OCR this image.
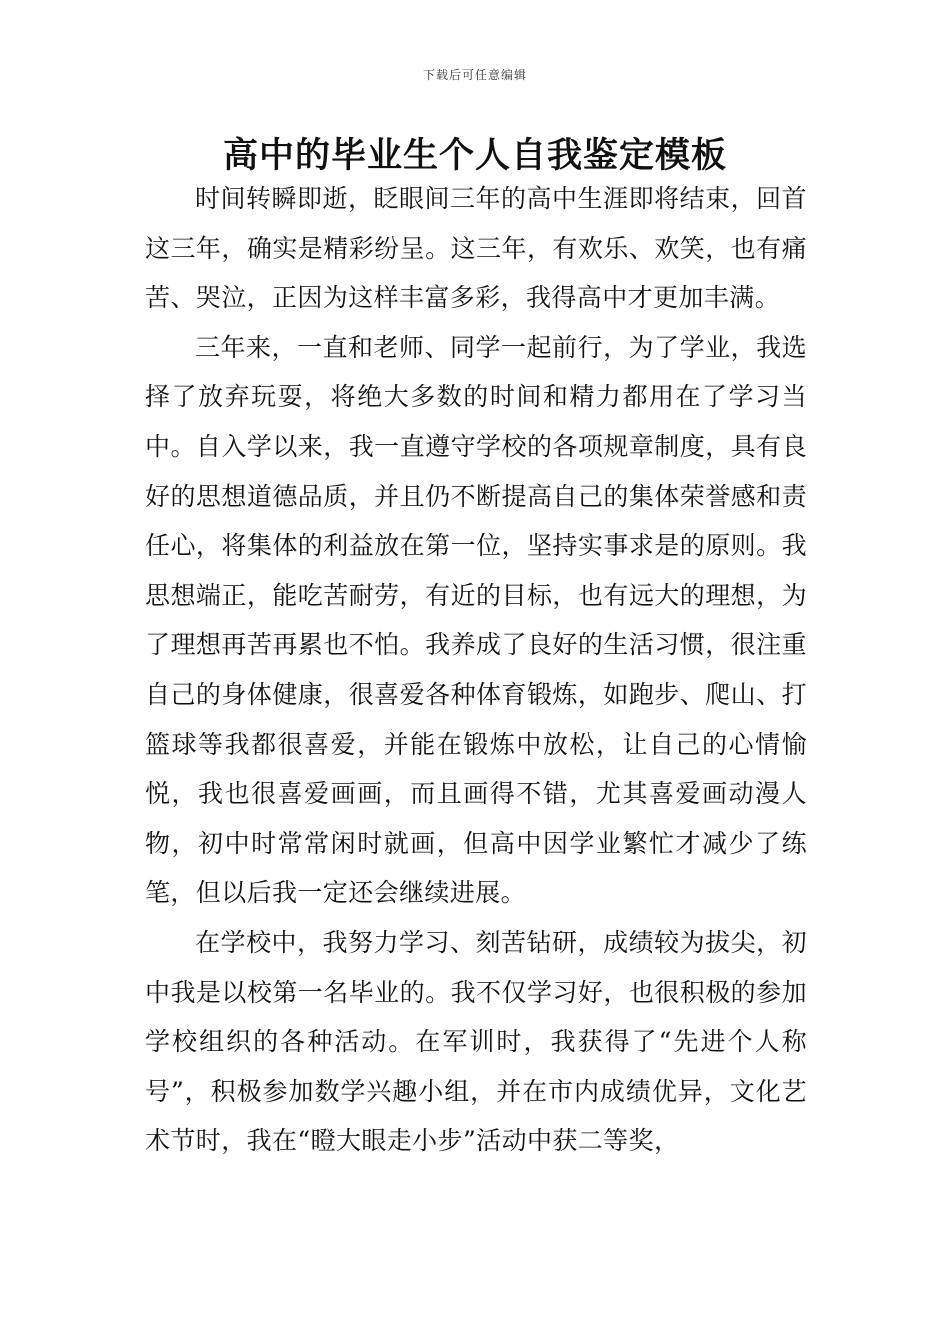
下载后可任意编辑
高中的毕业生个人自我鉴定模板

时间转瞬即逝，眨眼间三年的高中生涯即将结束，回首这三年，确实是精彩纷呈。这三年，有欢乐、欢笑，也有痛苦、哭泣，正因为这样丰富多彩，我得高中才更加丰满。

三年来，一直和老师、同学一起前行，为了学业，我选择了放弃玩耍，将绝大多数的时间和精力都用在了学习当中。自入学以来，我一直遵守学校的各项规章制度，具有良好的思想道德品质，并且仍不断提高自己的集体荣誉感和责任心，将集体的利益放在第一位，坚持实事求是的原则。我思想端正，能吃苦耐劳，有近的目标，也有远大的理想，为了理想再苦再累也不怕。我养成了良好的生活习惯，很注重自己的身体健康，很喜爱各种体育锻炼，如跑步、爬山、打篮球等我都很喜爱，并能在锻炼中放松，让自己的心情愉悦，我也很喜爱画画，而且画得不错，尤其喜爱画动漫人物，初中时常常闲时就画，但高中因学业繁忙才减少了练笔，但以后我一定还会继续进展。

在学校中，我努力学习、刻苦钻研，成绩较为拔尖，初中我是以校第一名毕业的。我不仅学习好，也很积极的参加学校组织的各种活动。在军训时，我获得了“先进个人称号”，积极参加数学兴趣小组，并在市内成绩优异，文化艺术节时，我在“瞪大眼走小步”活动中获二等奖，
